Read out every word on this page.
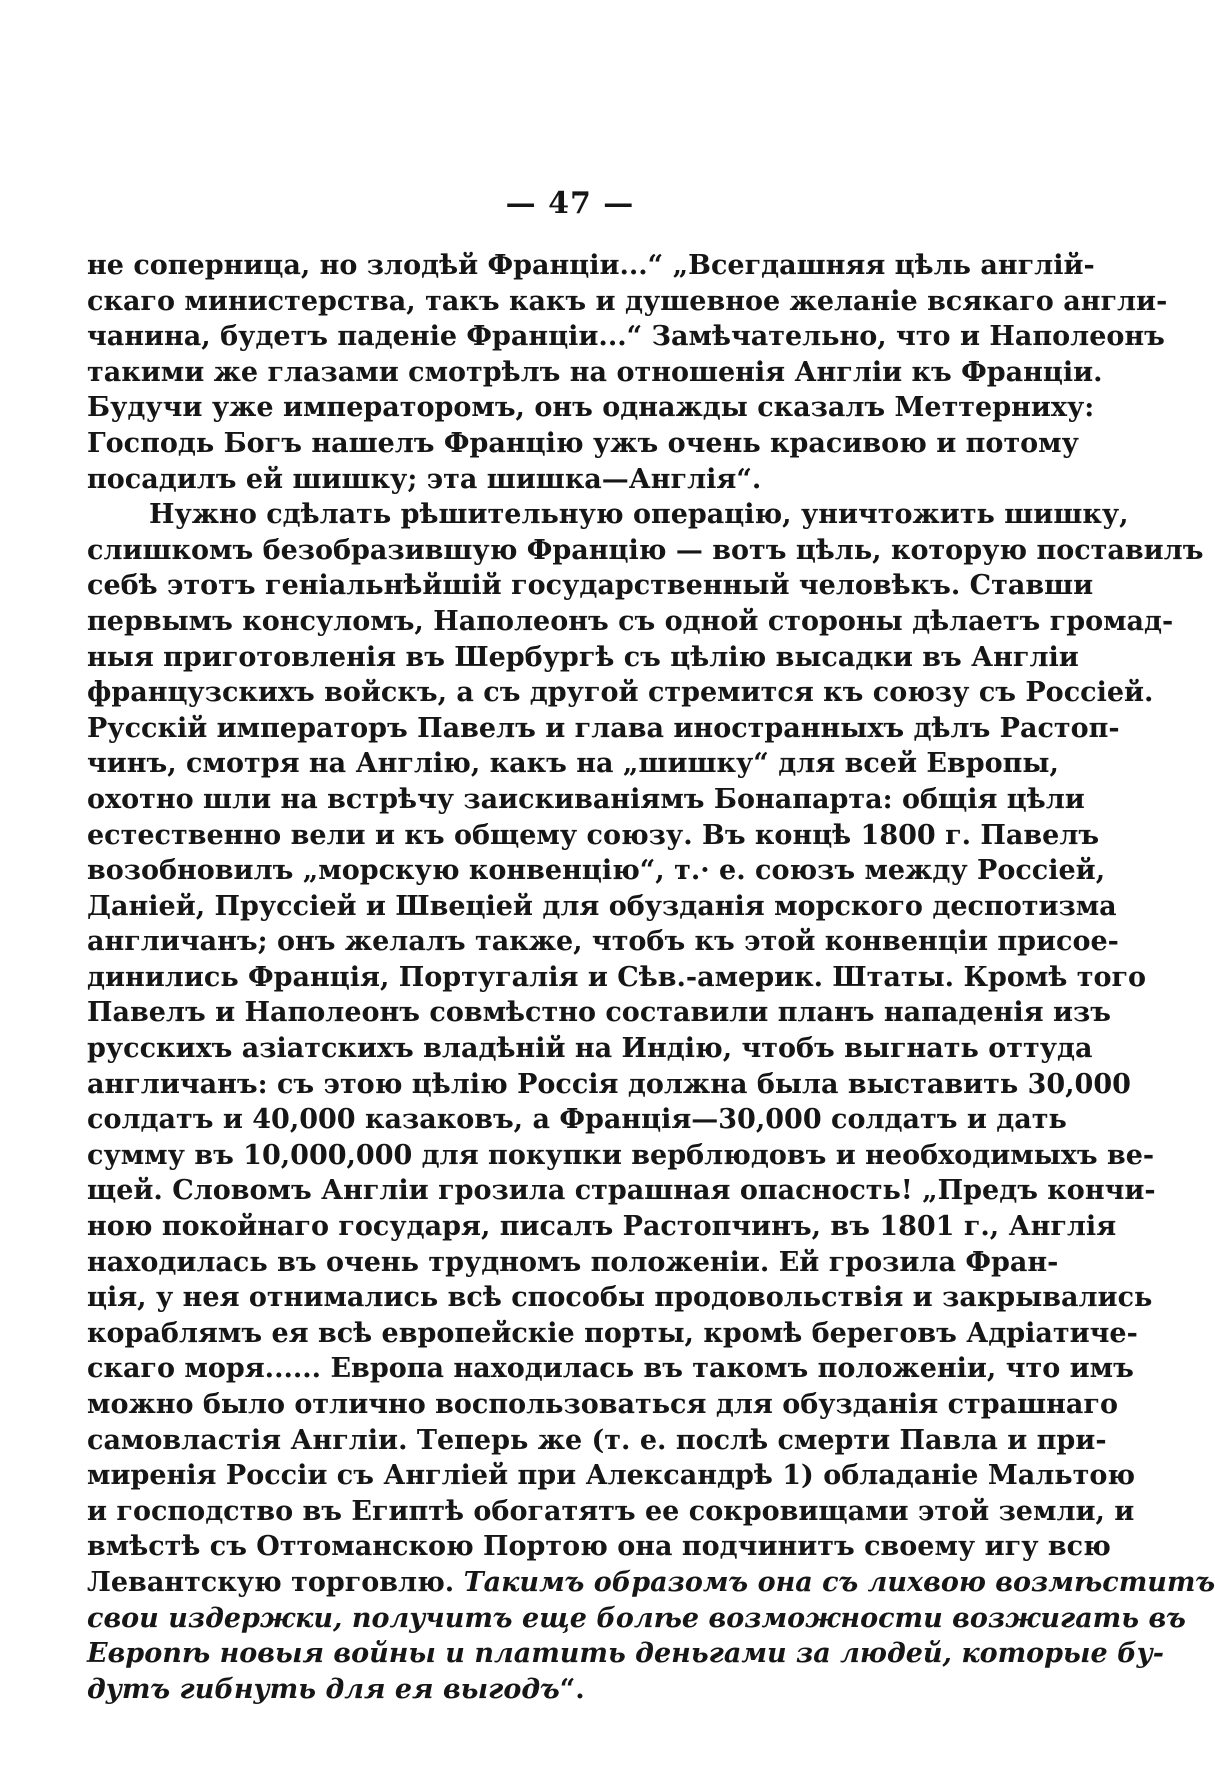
— 47 —
не соперница, но злодѣй Франціи...“ „Всегдашняя цѣль англій-
скаго министерства, такъ какъ и душевное желаніе всякаго англи-
чанина, будетъ паденіе Франціи...“ Замѣчательно, что и Наполеонъ
такими же глазами смотрѣлъ на отношенія Англіи къ Франціи.
Будучи уже императоромъ, онъ однажды сказалъ Меттерниху:
Господь Богъ нашелъ Францію ужъ очень красивою и потому
посадилъ ей шишку; эта шишка—Англія“.
Нужно сдѣлать рѣшительную операцію, уничтожить шишку,
слишкомъ безобразившую Францію — вотъ цѣль, которую поставилъ
себѣ этотъ геніальнѣйшій государственный человѣкъ. Ставши
первымъ консуломъ, Наполеонъ съ одной стороны дѣлаетъ громад-
ныя приготовленія въ Шербургѣ съ цѣлію высадки въ Англіи
французскихъ войскъ, а съ другой стремится къ союзу съ Россіей.
Русскій императоръ Павелъ и глава иностранныхъ дѣлъ Растоп-
чинъ, смотря на Англію, какъ на „шишку“ для всей Европы,
охотно шли на встрѣчу заискиваніямъ Бонапарта: общія цѣли
естественно вели и къ общему союзу. Въ концѣ 1800 г. Павелъ
возобновилъ „морскую конвенцію“, т.· е. союзъ между Россіей,
Даніей, Пруссіей и Швеціей для обузданія морского деспотизма
англичанъ; онъ желалъ также, чтобъ къ этой конвенціи присое-
динились Франція, Португалія и Сѣв.-америк. Штаты. Кромѣ того
Павелъ и Наполеонъ совмѣстно составили планъ нападенія изъ
русскихъ азіатскихъ владѣній на Индію, чтобъ выгнать оттуда
англичанъ: съ этою цѣлію Россія должна была выставить 30,000
солдатъ и 40,000 казаковъ, а Франція—30,000 солдатъ и дать
сумму въ 10,000,000 для покупки верблюдовъ и необходимыхъ ве-
щей. Словомъ Англіи грозила страшная опасность! „Предъ кончи-
ною покойнаго государя, писалъ Растопчинъ, въ 1801 г., Англія
находилась въ очень трудномъ положеніи. Ей грозила Фран-
ція, у нея отнимались всѣ способы продовольствія и закрывались
кораблямъ ея всѣ европейскіе порты, кромѣ береговъ Адріатиче-
скаго моря...... Европа находилась въ такомъ положеніи, что имъ
можно было отлично воспользоваться для обузданія страшнаго
самовластія Англіи. Теперь же (т. е. послѣ смерти Павла и при-
миренія Россіи съ Англіей при Александрѣ 1) обладаніе Мальтою
и господство въ Египтѣ обогатятъ ее сокровищами этой земли, и
вмѣстѣ съ Оттоманскою Портою она подчинитъ своему игу всю
Левантскую торговлю. Такимъ образомъ она съ лихвою возмѣститъ
свои издержки, получитъ еще болѣе возможности возжигать въ
Европѣ новыя войны и платить деньгами за людей, которые бу-
дутъ гибнуть для ея выгодъ“.
